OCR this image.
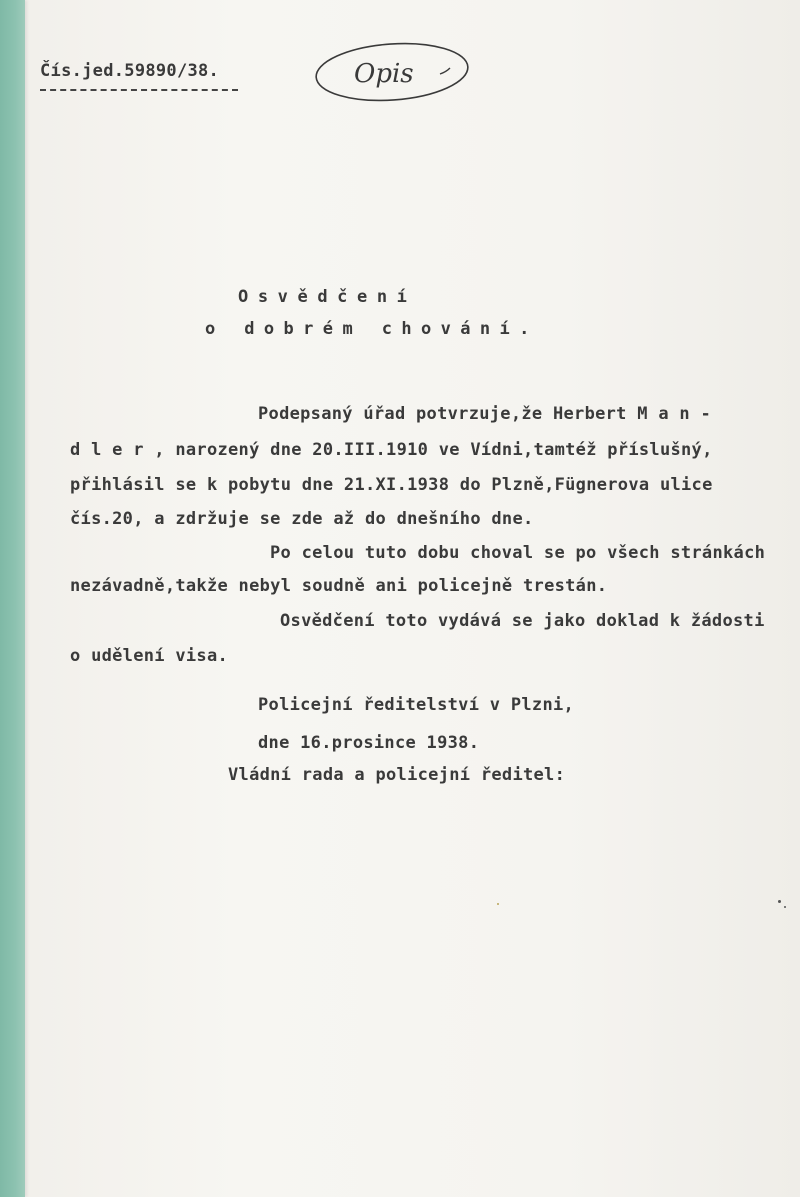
Čís.jed.59890/38.	Opis
Osvědčení
o dobrém chování.
Podepsaný úřad potvrzuje,že Herbert M a n -
d l e r , narozený dne 20.III.1910 ve Vídni,tamtéž příslušný,
přihlásil se k pobytu dne 21.XI.1938 do Plzně,Fügnerova ulice
čís.20, a zdržuje se zde až do dnešního dne.
Po celou tuto dobu choval se po všech stránkách
nezávadně,takže nebyl soudně ani policejně trestán.
Osvědčení toto vydává se jako doklad k žádosti
o udělení visa.
Policejní ředitelství v Plzni,
dne 16.prosince 1938.
Vládní rada a policejní ředitel:
